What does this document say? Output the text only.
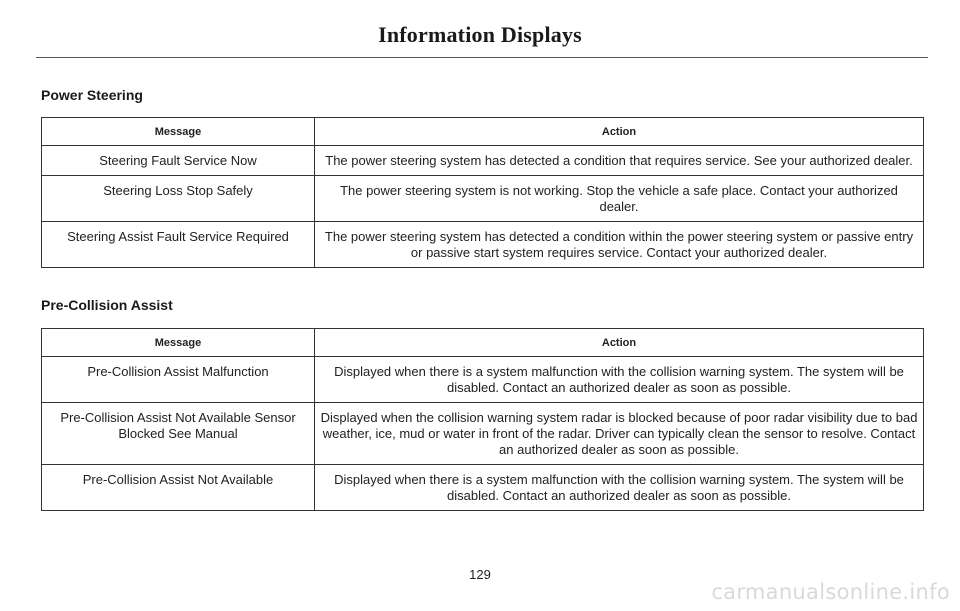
Information Displays
Power Steering
Message	Action
Steering Fault Service Now	The power steering system has detected a condition that requires service. See your authorized dealer.
Steering Loss Stop Safely	The power steering system is not working. Stop the vehicle a safe place. Contact your authorized dealer.
Steering Assist Fault Service Required	The power steering system has detected a condition within the power steering system or passive entry or passive start system requires service. Contact your authorized dealer.
Pre-Collision Assist
Message	Action
Pre-Collision Assist Malfunction	Displayed when there is a system malfunction with the collision warning system. The system will be disabled. Contact an authorized dealer as soon as possible.
Pre-Collision Assist Not Available Sensor Blocked See Manual	Displayed when the collision warning system radar is blocked because of poor radar visibility due to bad weather, ice, mud or water in front of the radar. Driver can typically clean the sensor to resolve. Contact an authorized dealer as soon as possible.
Pre-Collision Assist Not Available	Displayed when there is a system malfunction with the collision warning system. The system will be disabled. Contact an authorized dealer as soon as possible.
129
carmanualsonline.info
